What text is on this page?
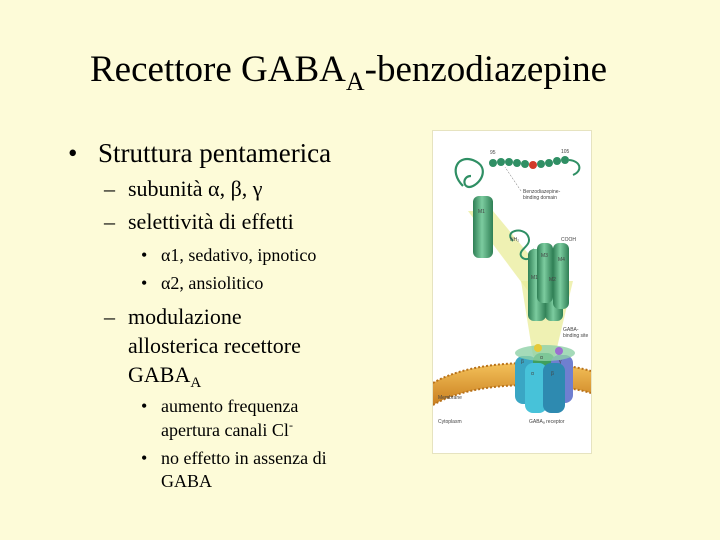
Recettore $GABA_A$-benzodiazepine
• Struttura pentamerica
– subunità α, β, γ
– selettività di effetti
• α1, sedativo, ipnotico
• α2, ansiolitico
– modulazione
allosterica recettore
$GABA_A$
• aumento frequenza
apertura canali Cl-
• no effetto in assenza di
GABA
95	105
M1
Benzodiazepine-
binding domain
NH₂	COOH
M3
M4
M1 M2
GABA-
binding site
β
α
γ
α	β
Membrane
Cytoplasm	GABAₐ receptor
